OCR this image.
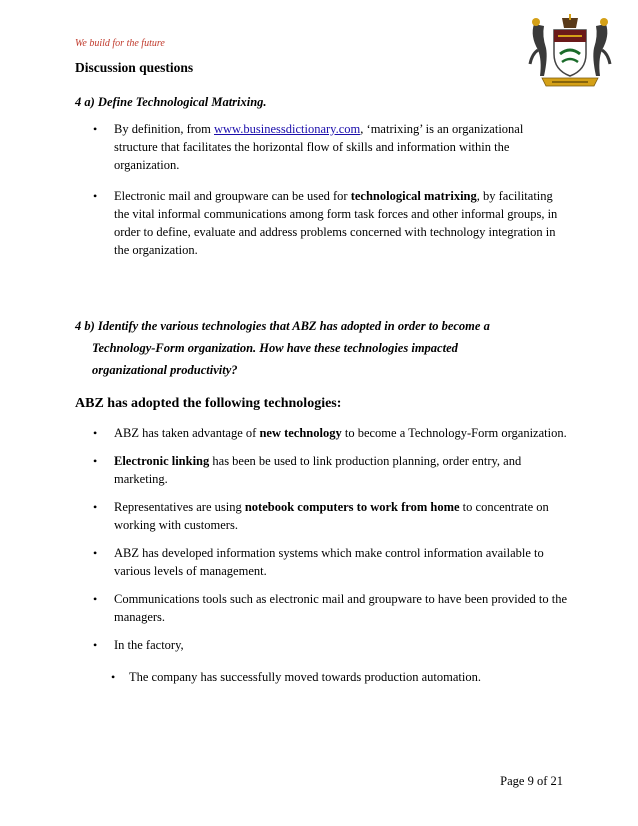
We build for the future
Discussion questions
4 a) Define Technological Matrixing.
• By definition, from www.businessdictionary.com, ‘matrixing’ is an organizational structure that facilitates the horizontal flow of skills and information within the organization.
• Electronic mail and groupware can be used for technological matrixing, by facilitating the vital informal communications among form task forces and other informal groups, in order to define, evaluate and address problems concerned with technology integration in the organization.
4 b) Identify the various technologies that ABZ has adopted in order to become a
Technology-Form organization. How have these technologies impacted
organizational productivity?
ABZ has adopted the following technologies:
• ABZ has taken advantage of new technology to become a Technology-Form organization.
• Electronic linking has been be used to link production planning, order entry, and marketing.
• Representatives are using notebook computers to work from home to concentrate on working with customers.
• ABZ has developed information systems which make control information available to various levels of management.
• Communications tools such as electronic mail and groupware to have been provided to the managers.
• In the factory,
• The company has successfully moved towards production automation.
Page 9 of 21
